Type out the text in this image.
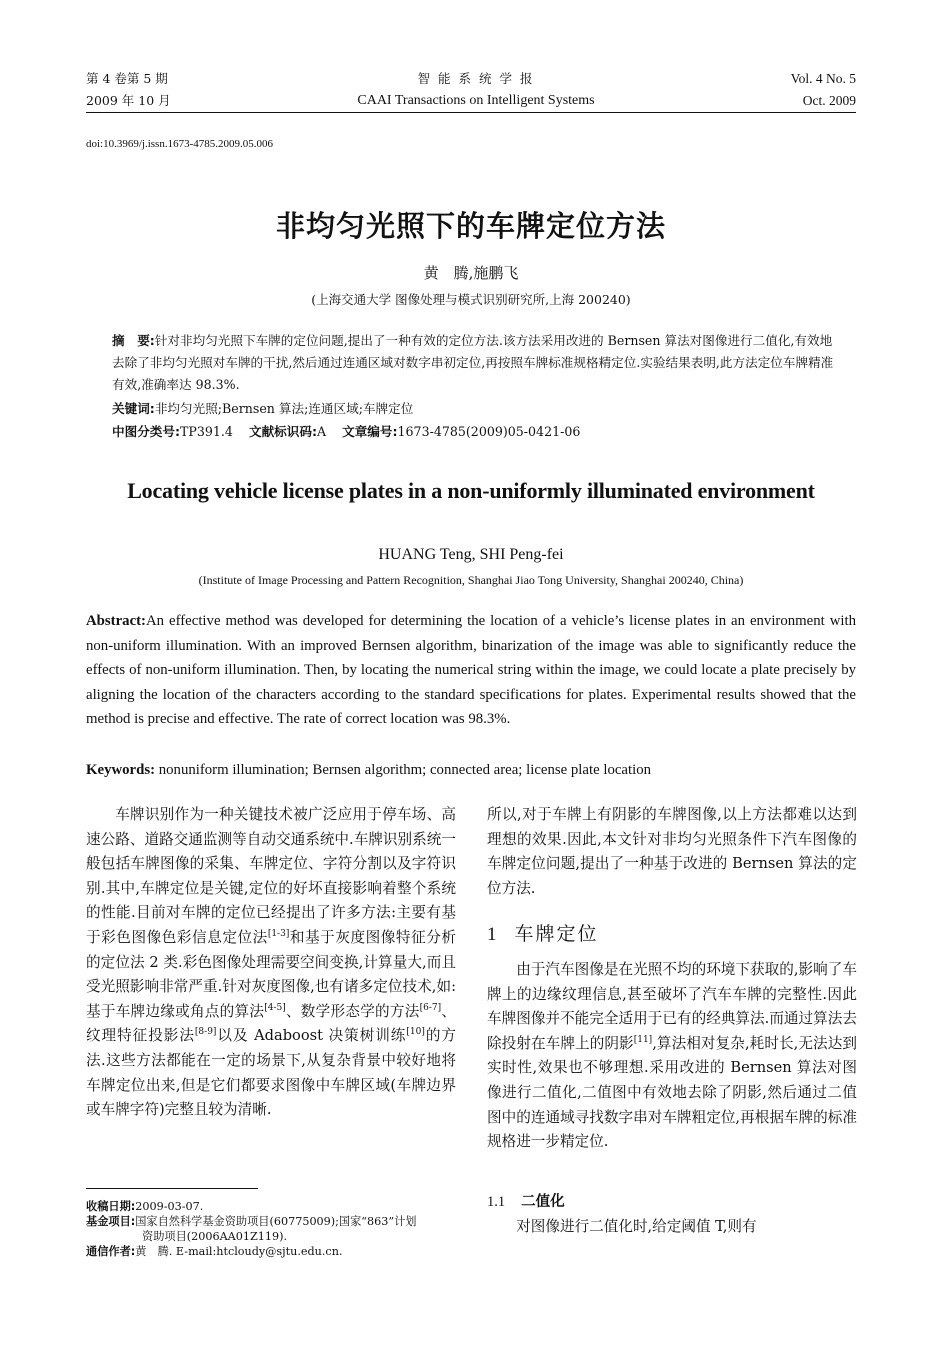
第 4 卷第 5 期
2009 年 10 月
智 能 系 统 学 报
CAAI Transactions on Intelligent Systems
Vol. 4 No. 5
Oct. 2009
doi:10.3969/j.issn.1673-4785.2009.05.006
非均匀光照下的车牌定位方法
黄　腾,施鹏飞
(上海交通大学 图像处理与模式识别研究所,上海 200240)
摘　要:针对非均匀光照下车牌的定位问题,提出了一种有效的定位方法.该方法采用改进的 Bernsen 算法对图像进行二值化,有效地去除了非均匀光照对车牌的干扰,然后通过连通区域对数字串初定位,再按照车牌标准规格精定位.实验结果表明,此方法定位车牌精准有效,准确率达 98.3%.
关键词:非均匀光照;Bernsen 算法;连通区域;车牌定位
中图分类号:TP391.4 文献标识码:A 文章编号:1673-4785(2009)05-0421-06
Locating vehicle license plates in a non-uniformly illuminated environment
HUANG Teng, SHI Peng-fei
(Institute of Image Processing and Pattern Recognition, Shanghai Jiao Tong University, Shanghai 200240, China)
Abstract:An effective method was developed for determining the location of a vehicle’s license plates in an environment with non-uniform illumination. With an improved Bernsen algorithm, binarization of the image was able to significantly reduce the effects of non-uniform illumination. Then, by locating the numerical string within the image, we could locate a plate precisely by aligning the location of the characters according to the standard specifications for plates. Experimental results showed that the method is precise and effective. The rate of correct location was 98.3%.
Keywords: nonuniform illumination; Bernsen algorithm; connected area; license plate location

车牌识别作为一种关键技术被广泛应用于停车场、高速公路、道路交通监测等自动交通系统中.车牌识别系统一般包括车牌图像的采集、车牌定位、字符分割以及字符识别.其中,车牌定位是关键,定位的好坏直接影响着整个系统的性能.目前对车牌的定位已经提出了许多方法:主要有基于彩色图像色彩信息定位法[1-3]和基于灰度图像特征分析的定位法 2 类.彩色图像处理需要空间变换,计算量大,而且受光照影响非常严重.针对灰度图像,也有诸多定位技术,如:基于车牌边缘或角点的算法[4-5]、数学形态学的方法[6-7]、纹理特征投影法[8-9]以及 Adaboost 决策树训练[10]的方法.这些方法都能在一定的场景下,从复杂背景中较好地将车牌定位出来,但是它们都要求图像中车牌区域(车牌边界或车牌字符)完整且较为清晰.

收稿日期:2009-03-07.
基金项目:国家自然科学基金资助项目(60775009);国家“863”计划
资助项目(2006AA01Z119).
通信作者:黄　腾. E-mail:htcloudy@sjtu.edu.cn.

所以,对于车牌上有阴影的车牌图像,以上方法都难以达到理想的效果.因此,本文针对非均匀光照条件下汽车图像的车牌定位问题,提出了一种基于改进的 Bernsen 算法的定位方法.

1 车牌定位

由于汽车图像是在光照不均的环境下获取的,影响了车牌上的边缘纹理信息,甚至破坏了汽车车牌的完整性.因此车牌图像并不能完全适用于已有的经典算法.而通过算法去除投射在车牌上的阴影[11],算法相对复杂,耗时长,无法达到实时性,效果也不够理想.采用改进的 Bernsen 算法对图像进行二值化,二值图中有效地去除了阴影,然后通过二值图中的连通域寻找数字串对车牌粗定位,再根据车牌的标准规格进一步精定位.

1.1 二值化

对图像进行二值化时,给定阈值 T,则有
